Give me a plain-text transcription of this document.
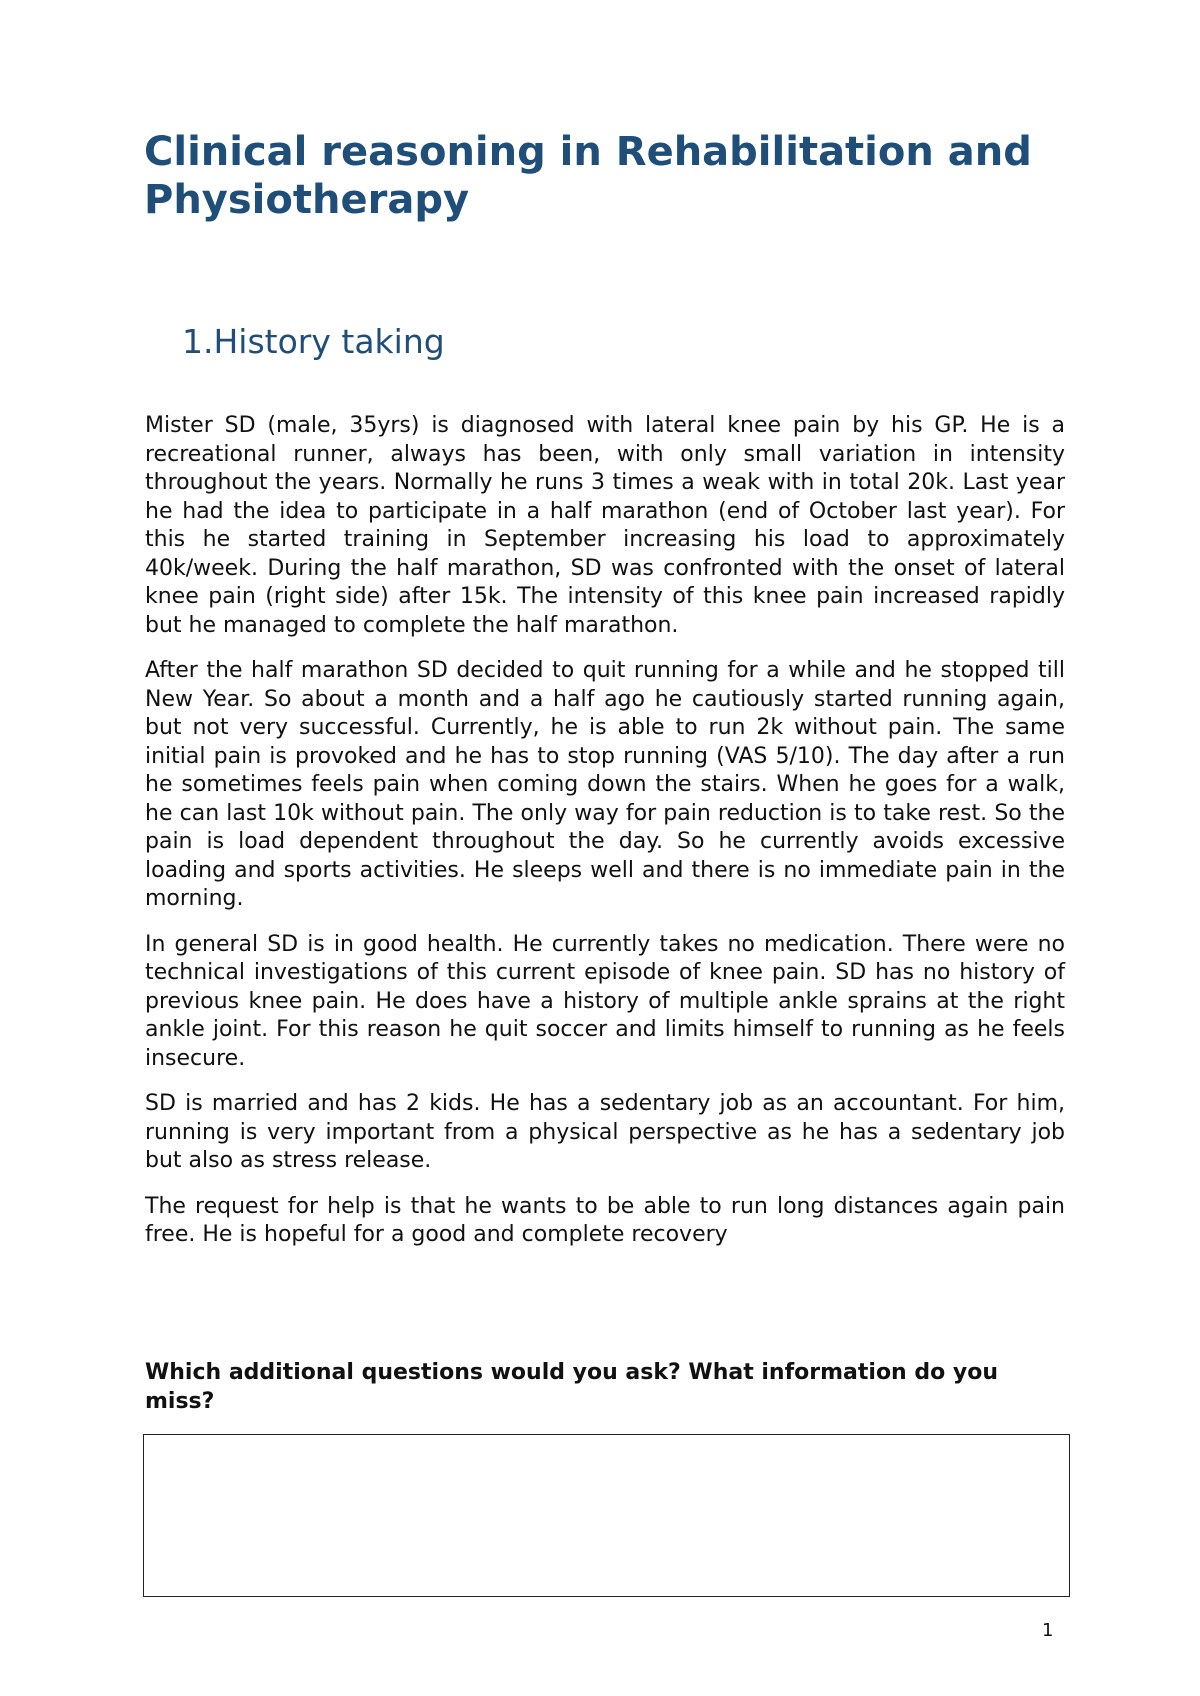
Clinical reasoning in Rehabilitation and Physiotherapy
1.History taking

Mister SD (male, 35yrs) is diagnosed with lateral knee pain by his GP. He is a recreational runner, always has been, with only small variation in intensity throughout the years. Normally he runs 3 times a weak with in total 20k. Last year he had the idea to participate in a half marathon (end of October last year). For this he started training in September increasing his load to approximately 40k/week. During the half marathon, SD was confronted with the onset of lateral knee pain (right side) after 15k. The intensity of this knee pain increased rapidly but he managed to complete the half marathon.

After the half marathon SD decided to quit running for a while and he stopped till New Year. So about a month and a half ago he cautiously started running again, but not very successful. Currently, he is able to run 2k without pain. The same initial pain is provoked and he has to stop running (VAS 5/10). The day after a run he sometimes feels pain when coming down the stairs. When he goes for a walk, he can last 10k without pain. The only way for pain reduction is to take rest. So the pain is load dependent throughout the day. So he currently avoids excessive loading and sports activities. He sleeps well and there is no immediate pain in the morning.

In general SD is in good health. He currently takes no medication. There were no technical investigations of this current episode of knee pain. SD has no history of previous knee pain. He does have a history of multiple ankle sprains at the right ankle joint. For this reason he quit soccer and limits himself to running as he feels insecure.

SD is married and has 2 kids. He has a sedentary job as an accountant. For him, running is very important from a physical perspective as he has a sedentary job but also as stress release.

The request for help is that he wants to be able to run long distances again pain free. He is hopeful for a good and complete recovery

Which additional questions would you ask? What information do you miss?

1
